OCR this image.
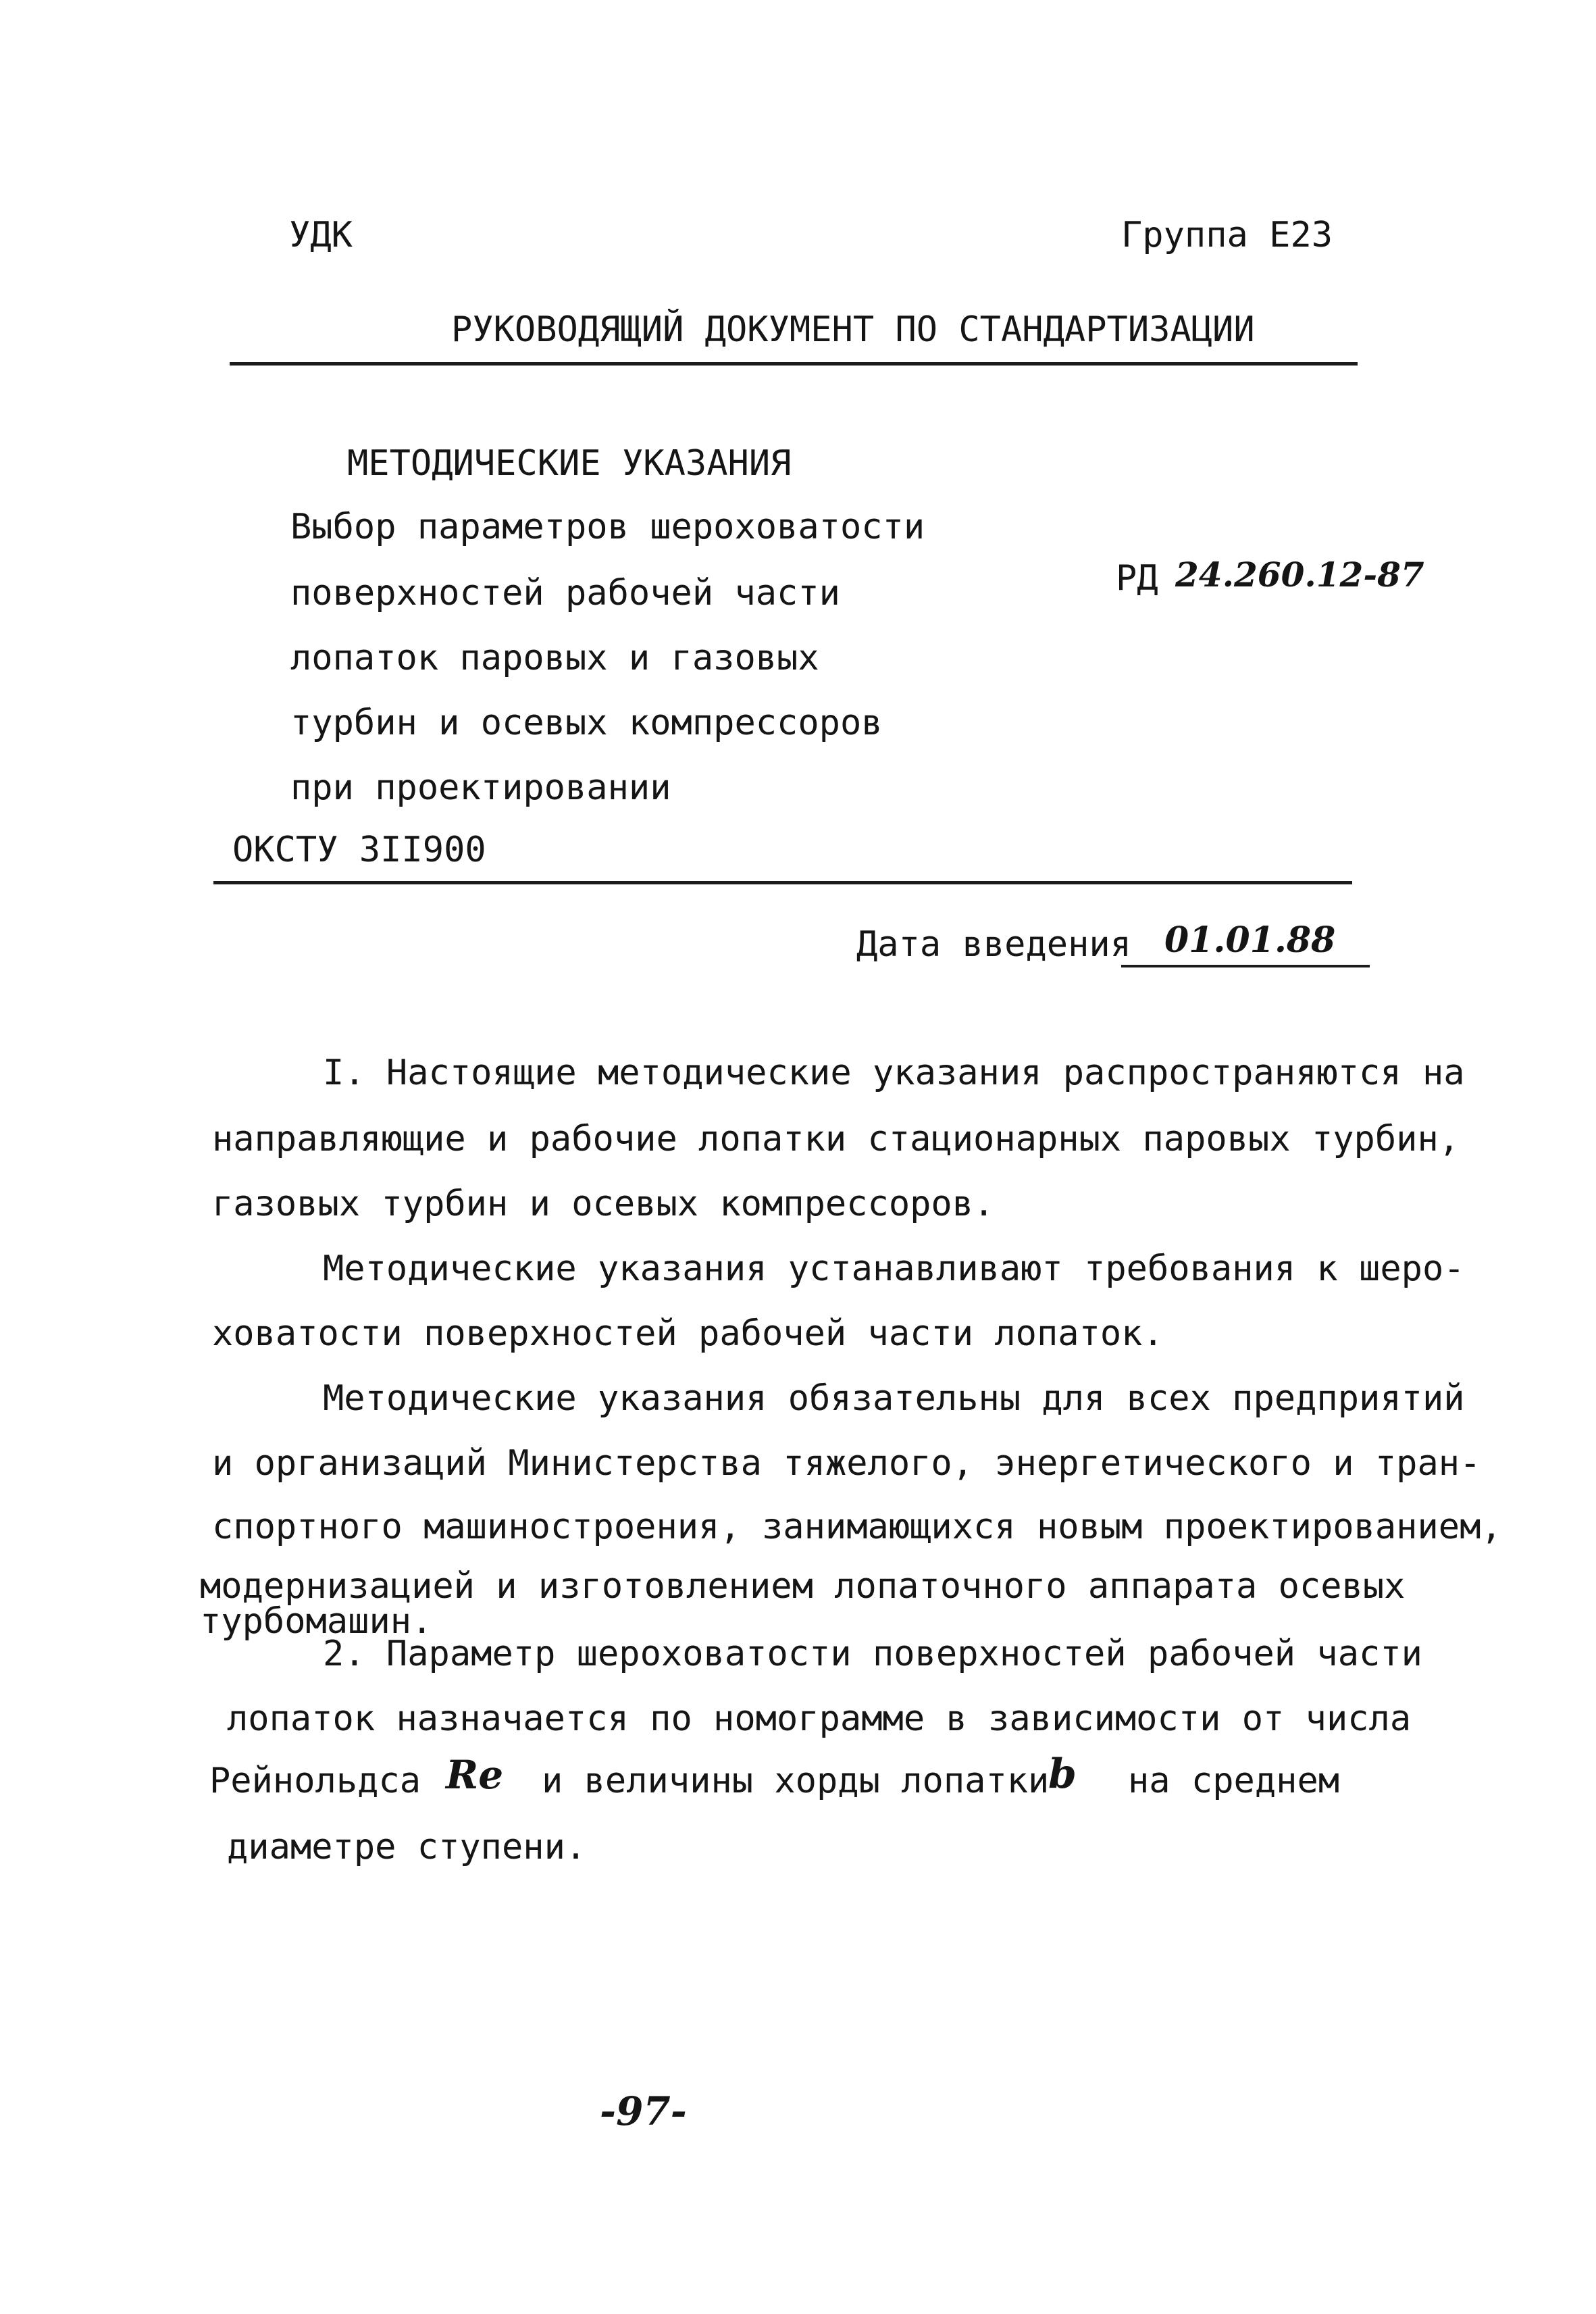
УДК	Группа Е23
РУКОВОДЯЩИЙ ДОКУМЕНТ ПО СТАНДАРТИЗАЦИИ
МЕТОДИЧЕСКИЕ УКАЗАНИЯ
Выбор параметров шероховатости
поверхностей рабочей части
лопаток паровых и газовых
турбин и осевых компрессоров
при проектировании
РД 24.260.12-87
ОКСТУ 3II900
Дата введения 01.01.88
I. Настоящие методические указания распространяются на
направляющие и рабочие лопатки стационарных паровых турбин,
газовых турбин и осевых компрессоров.
Методические указания устанавливают требования к шеро-
ховатости поверхностей рабочей части лопаток.
Методические указания обязательны для всех предприятий
и организаций Министерства тяжелого, энергетического и тран-
спортного машиностроения, занимающихся новым проектированием,
модернизацией и изготовлением лопаточного аппарата осевых
турбомашин.
2. Параметр шероховатости поверхностей рабочей части
лопаток назначается по номограмме в зависимости от числа
Рейнольдса Re и величины хорды лопатки
b на среднем
диаметре ступени.
-97-
